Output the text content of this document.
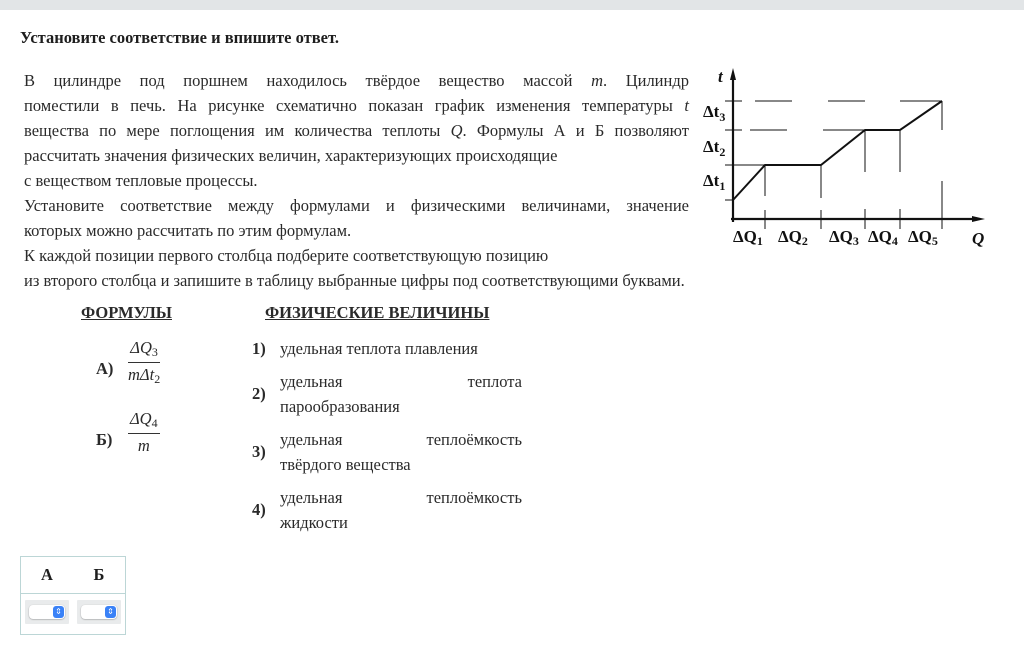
Установите соответствие и впишите ответ.
В цилиндре под поршнем находилось твёрдое вещество массой m. Цилиндр
поместили в печь. На рисунке схематично показан график изменения температуры t
вещества по мере поглощения им количества теплоты Q. Формулы А и Б позволяют
рассчитать значения физических величин, характеризующих происходящие
с веществом тепловые процессы.
Установите соответствие между формулами и физическими величинами, значение
которых можно рассчитать по этим формулам.
К каждой позиции первого столбца подберите соответствующую позицию
из второго столбца и запишите в таблицу выбранные цифры под соответствующими буквами.
t
Q
$\Delta t_3$
$\Delta t_2$
$\Delta t_1$
ΔQ1 ΔQ2 ΔQ3 ΔQ4 ΔQ5
ФОРМУЛЫ	ФИЗИЧЕСКИЕ ВЕЛИЧИНЫ
А)
$\Delta Q_3$
mΔt$_2$
$Б) \frac{\Delta Q_4}{m}$
1) удельная теплота плавления
2)
удельная теплота
парообразования
3)
удельная теплоёмкость
твёрдого вещества
4)
удельная теплоёмкость
жидкости
А	Б

⇕	⇕
